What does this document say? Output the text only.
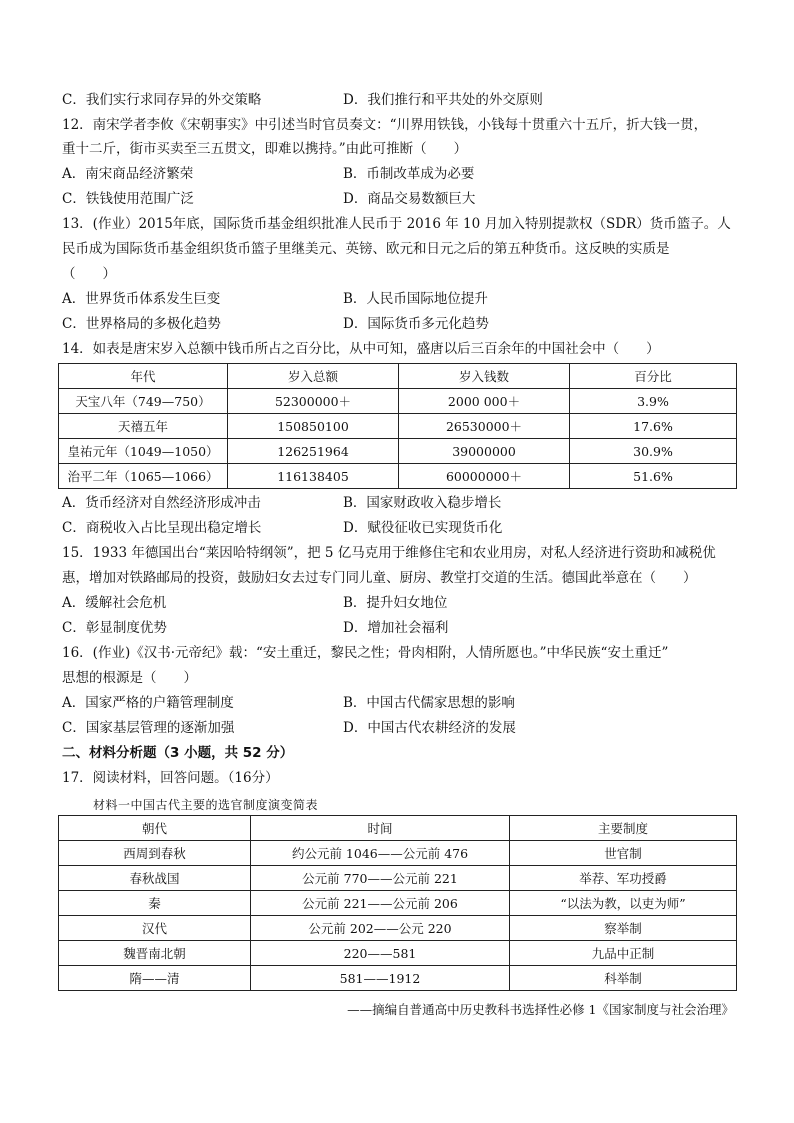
C．我们实行求同存异的外交策略	D．我们推行和平共处的外交原则
12．南宋学者李攸《宋朝事实》中引述当时官员奏文：“川界用铁钱，小钱每十贯重六十五斤，折大钱一贯，
重十二斤，街市买卖至三五贯文，即难以携持。”由此可推断（　　）
A．南宋商品经济繁荣	B．币制改革成为必要
C．铁钱使用范围广泛	D．商品交易数额巨大
13．(作业）2015年底，国际货币基金组织批准人民币于 2016 年 10 月加入特别提款权（SDR）货币篮子。人
民币成为国际货币基金组织货币篮子里继美元、英镑、欧元和日元之后的第五种货币。这反映的实质是
（　　）
A．世界货币体系发生巨变	B．人民币国际地位提升
C．世界格局的多极化趋势	D．国际货币多元化趋势
14．如表是唐宋岁入总额中钱币所占之百分比，从中可知，盛唐以后三百余年的中国社会中（　　）
年代	岁入总额	岁入钱数	百分比
天宝八年（749—750）	52300000＋	2000 000＋	3.9%
天禧五年	150850100	26530000＋	17.6%
皇祐元年（1049—1050）	126251964	39000000	30.9%
治平二年（1065—1066）	116138405	60000000＋	51.6%
A．货币经济对自然经济形成冲击	B．国家财政收入稳步增长
C．商税收入占比呈现出稳定增长	D．赋役征收已实现货币化
15．1933 年德国出台“莱因哈特纲领”，把 5 亿马克用于维修住宅和农业用房，对私人经济进行资助和减税优
惠，增加对铁路邮局的投资，鼓励妇女去过专门同儿童、厨房、教堂打交道的生活。德国此举意在（　　）
A．缓解社会危机	B．提升妇女地位
C．彰显制度优势	D．增加社会福利
16．(作业)《汉书·元帝纪》载：“安土重迁，黎民之性；骨肉相附，人情所愿也。”中华民族“安土重迁”
思想的根源是（　　）
A．国家严格的户籍管理制度	B．中国古代儒家思想的影响
C．国家基层管理的逐渐加强	D．中国古代农耕经济的发展
二、材料分析题（3 小题，共 52 分）
17．阅读材料，回答问题。（16分）
材料一中国古代主要的选官制度演变简表
朝代	时间	主要制度
西周到春秋	约公元前 1046——公元前 476	世官制
春秋战国	公元前 770——公元前 221	举荐、军功授爵
秦	公元前 221——公元前 206	“以法为教，以吏为师”
汉代	公元前 202——公元 220	察举制
魏晋南北朝	220——581	九品中正制
隋——清	581——1912	科举制
——摘编自普通高中历史教科书选择性必修 1《国家制度与社会治理》
